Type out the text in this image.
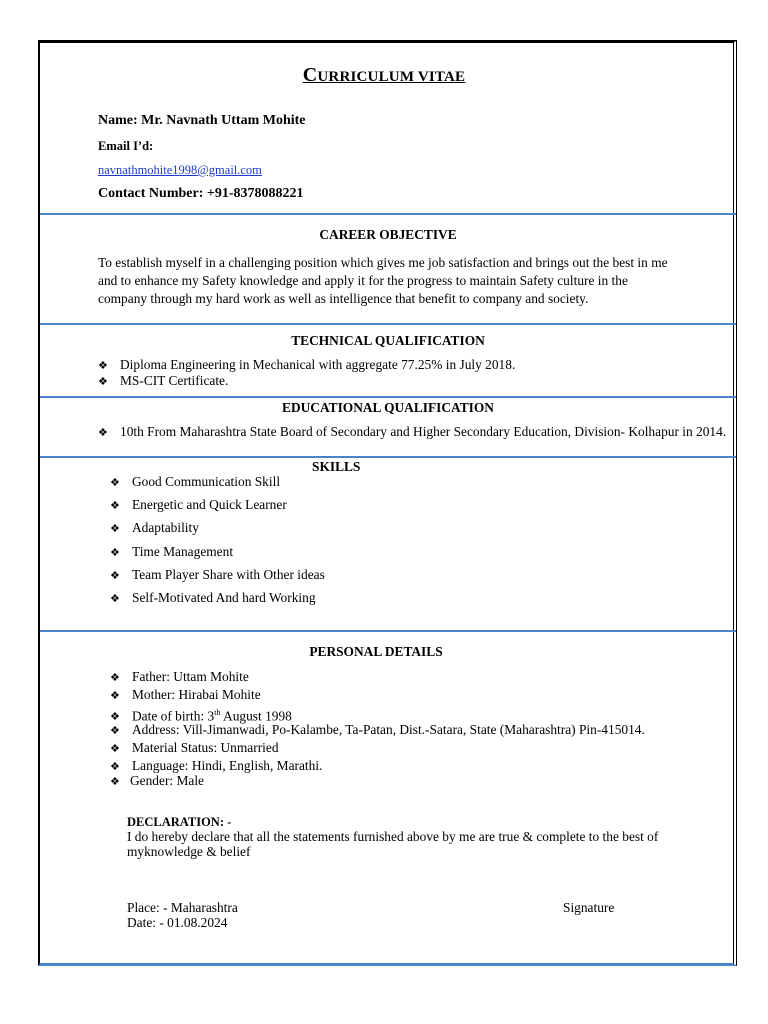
CURRICULUM VITAE
Name: Mr. Navnath Uttam Mohite
Email I’d:
navnathmohite1998@gmail.com
Contact Number: +91-8378088221
CAREER OBJECTIVE
To establish myself in a challenging position which gives me job satisfaction and brings out the best in me
and to enhance my Safety knowledge and apply it for the progress to maintain Safety culture in the
company through my hard work as well as intelligence that benefit to company and society.
TECHNICAL QUALIFICATION
❖ Diploma Engineering in Mechanical with aggregate 77.25% in July 2018.
❖ MS-CIT Certificate.
EDUCATIONAL QUALIFICATION
❖ 10th From Maharashtra State Board of Secondary and Higher Secondary Education, Division- Kolhapur in 2014.
SKILLS
❖ Good Communication Skill
❖ Energetic and Quick Learner
❖ Adaptability
❖ Time Management
❖ Team Player Share with Other ideas
❖ Self-Motivated And hard Working
PERSONAL DETAILS
❖ Father: Uttam Mohite
❖ Mother: Hirabai Mohite
❖ Date of birth: 3th August 1998
❖ Address: Vill-Jimanwadi, Po-Kalambe, Ta-Patan, Dist.-Satara, State (Maharashtra) Pin-415014.
❖ Material Status: Unmarried
❖ Language: Hindi, English, Marathi.
❖ Gender: Male
DECLARATION: -
I do hereby declare that all the statements furnished above by me are true & complete to the best of
myknowledge & belief
Place: - Maharashtra
Date: - 01.08.2024
Signature
